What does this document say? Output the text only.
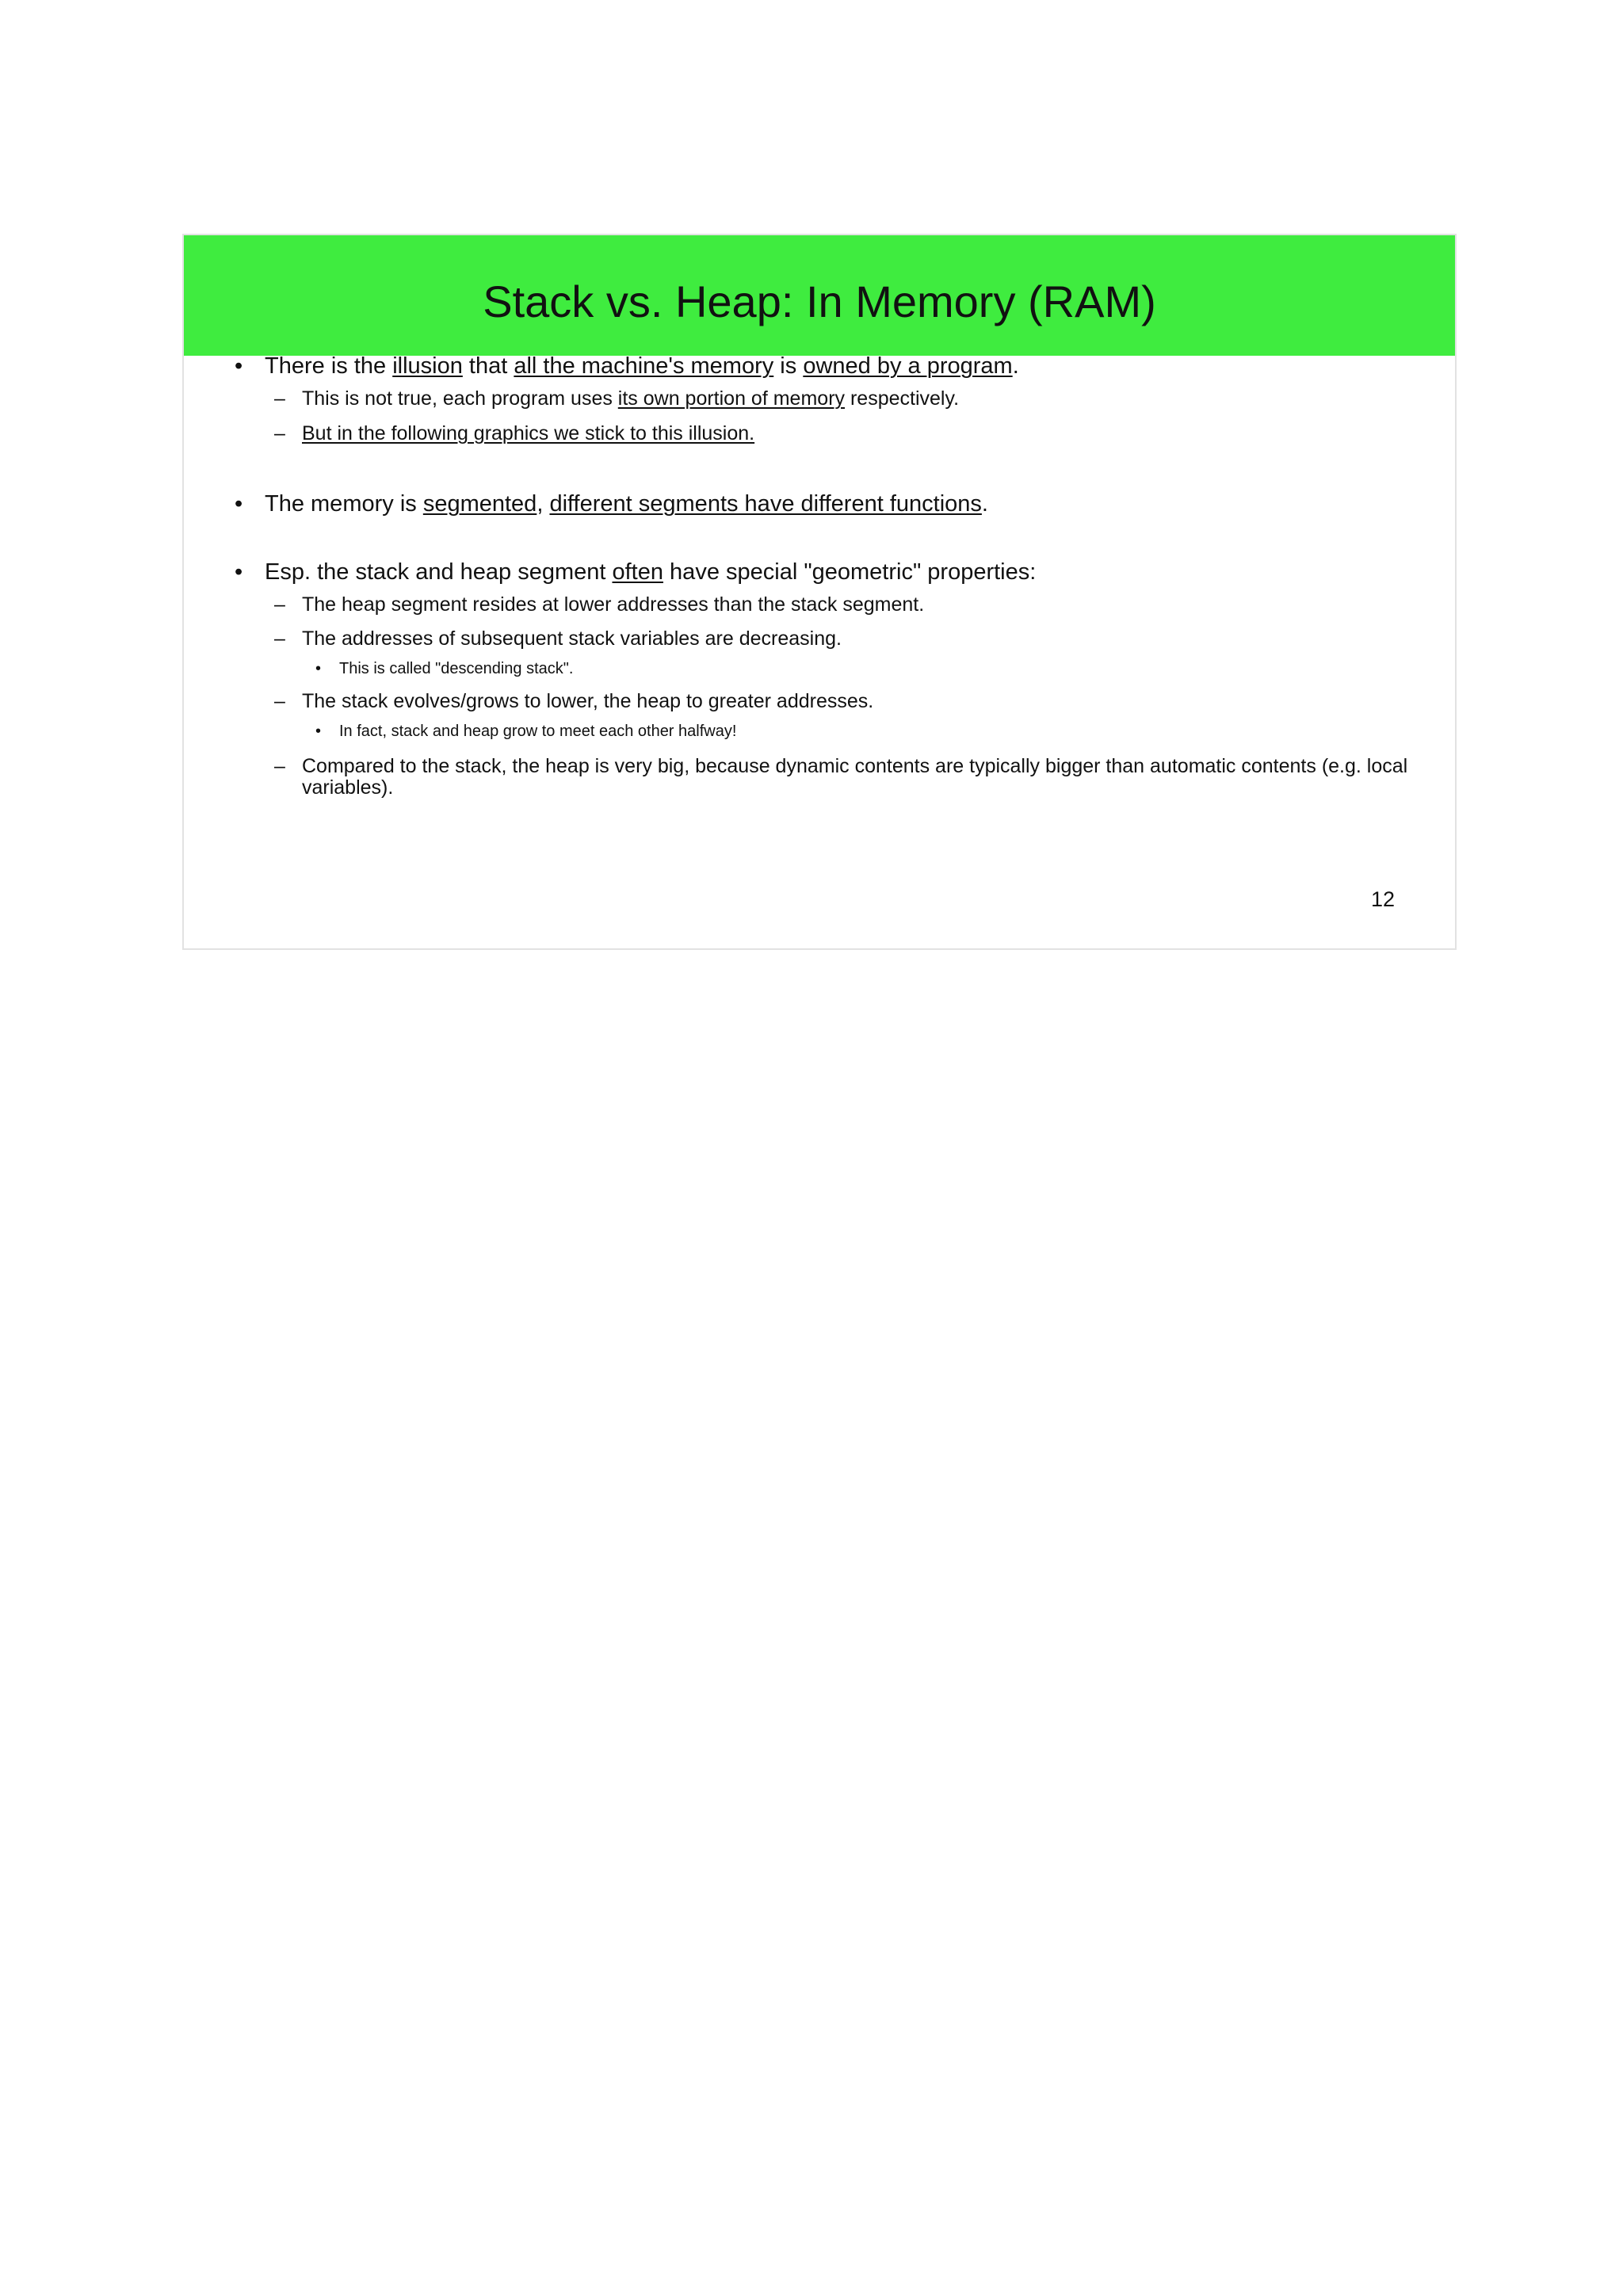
Stack vs. Heap: In Memory (RAM)
• There is the illusion that all the machine's memory is owned by a program.
– This is not true, each program uses its own portion of memory respectively.
– But in the following graphics we stick to this illusion.
• The memory is segmented, different segments have different functions.
• Esp. the stack and heap segment often have special "geometric" properties:
– The heap segment resides at lower addresses than the stack segment.
– The addresses of subsequent stack variables are decreasing.
• This is called "descending stack".
– The stack evolves/grows to lower, the heap to greater addresses.
• In fact, stack and heap grow to meet each other halfway!
– Compared to the stack, the heap is very big, because dynamic contents are typically bigger than automatic contents (e.g. local
variables).
12
